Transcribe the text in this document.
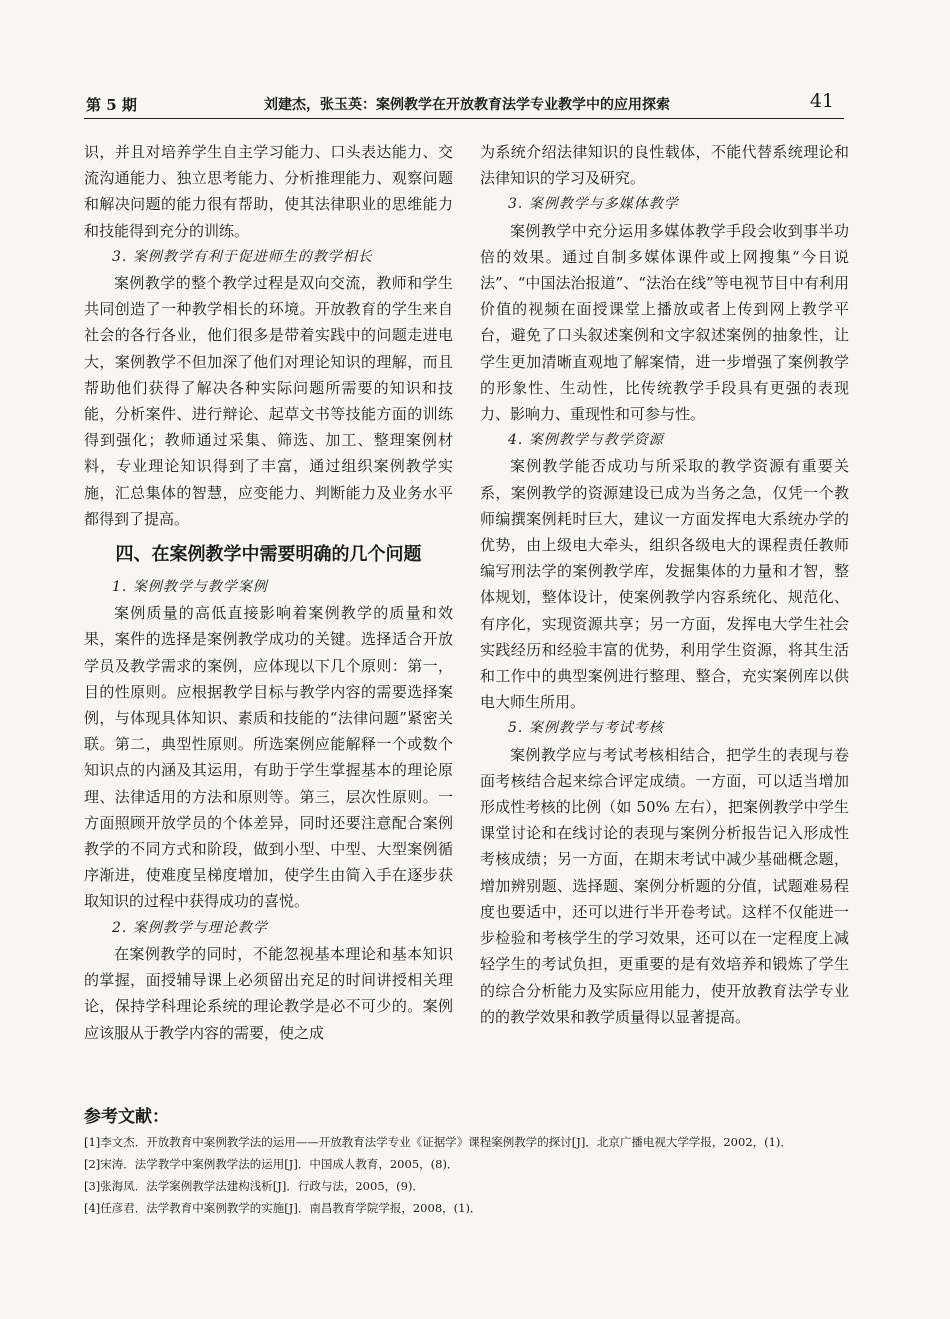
第 5 期	刘建杰，张玉英：案例教学在开放教育法学专业教学中的应用探索	41

识，并且对培养学生自主学习能力、口头表达能力、交流沟通能力、独立思考能力、分析推理能力、观察问题和解决问题的能力很有帮助，使其法律职业的思维能力和技能得到充分的训练。

3. 案例教学有利于促进师生的教学相长

案例教学的整个教学过程是双向交流，教师和学生共同创造了一种教学相长的环境。开放教育的学生来自社会的各行各业，他们很多是带着实践中的问题走进电大，案例教学不但加深了他们对理论知识的理解，而且帮助他们获得了解决各种实际问题所需要的知识和技能，分析案件、进行辩论、起草文书等技能方面的训练得到强化；教师通过采集、筛选、加工、整理案例材料，专业理论知识得到了丰富，通过组织案例教学实施，汇总集体的智慧，应变能力、判断能力及业务水平都得到了提高。

四、在案例教学中需要明确的几个问题

1. 案例教学与教学案例

案例质量的高低直接影响着案例教学的质量和效果，案件的选择是案例教学成功的关键。选择适合开放学员及教学需求的案例，应体现以下几个原则：第一，目的性原则。应根据教学目标与教学内容的需要选择案例，与体现具体知识、素质和技能的“法律问题”紧密关联。第二，典型性原则。所选案例应能解释一个或数个知识点的内涵及其运用，有助于学生掌握基本的理论原理、法律适用的方法和原则等。第三，层次性原则。一方面照顾开放学员的个体差异，同时还要注意配合案例教学的不同方式和阶段，做到小型、中型、大型案例循序渐进，使难度呈梯度增加，使学生由简入手在逐步获取知识的过程中获得成功的喜悦。

2. 案例教学与理论教学

在案例教学的同时，不能忽视基本理论和基本知识的掌握，面授辅导课上必须留出充足的时间讲授相关理论，保持学科理论系统的理论教学是必不可少的。案例应该服从于教学内容的需要，使之成

为系统介绍法律知识的良性载体，不能代替系统理论和法律知识的学习及研究。

3. 案例教学与多媒体教学

案例教学中充分运用多媒体教学手段会收到事半功倍的效果。通过自制多媒体课件或上网搜集“今日说法”、“中国法治报道”、“法治在线”等电视节目中有利用价值的视频在面授课堂上播放或者上传到网上教学平台，避免了口头叙述案例和文字叙述案例的抽象性，让学生更加清晰直观地了解案情，进一步增强了案例教学的形象性、生动性，比传统教学手段具有更强的表现力、影响力、重现性和可参与性。

4. 案例教学与教学资源

案例教学能否成功与所采取的教学资源有重要关系，案例教学的资源建设已成为当务之急，仅凭一个教师编撰案例耗时巨大，建议一方面发挥电大系统办学的优势，由上级电大牵头，组织各级电大的课程责任教师编写刑法学的案例教学库，发掘集体的力量和才智，整体规划，整体设计，使案例教学内容系统化、规范化、有序化，实现资源共享；另一方面，发挥电大学生社会实践经历和经验丰富的优势，利用学生资源，将其生活和工作中的典型案例进行整理、整合，充实案例库以供电大师生所用。

5. 案例教学与考试考核

案例教学应与考试考核相结合，把学生的表现与卷面考核结合起来综合评定成绩。一方面，可以适当增加形成性考核的比例（如 50% 左右），把案例教学中学生课堂讨论和在线讨论的表现与案例分析报告记入形成性考核成绩；另一方面，在期末考试中减少基础概念题，增加辨别题、选择题、案例分析题的分值，试题难易程度也要适中，还可以进行半开卷考试。这样不仅能进一步检验和考核学生的学习效果，还可以在一定程度上减轻学生的考试负担，更重要的是有效培养和锻炼了学生的综合分析能力及实际应用能力，使开放教育法学专业的的教学效果和教学质量得以显著提高。

参考文献：
[1]李文杰．开放教育中案例教学法的运用——开放教育法学专业《证据学》课程案例教学的探讨[J]．北京广播电视大学学报，2002，(1)．
[2]宋涛．法学教学中案例教学法的运用[J]．中国成人教育，2005，(8)．
[3]张海凤．法学案例教学法建构浅析[J]．行政与法，2005，(9)．
[4]任彦君．法学教育中案例教学的实施[J]．南昌教育学院学报，2008，(1)．
